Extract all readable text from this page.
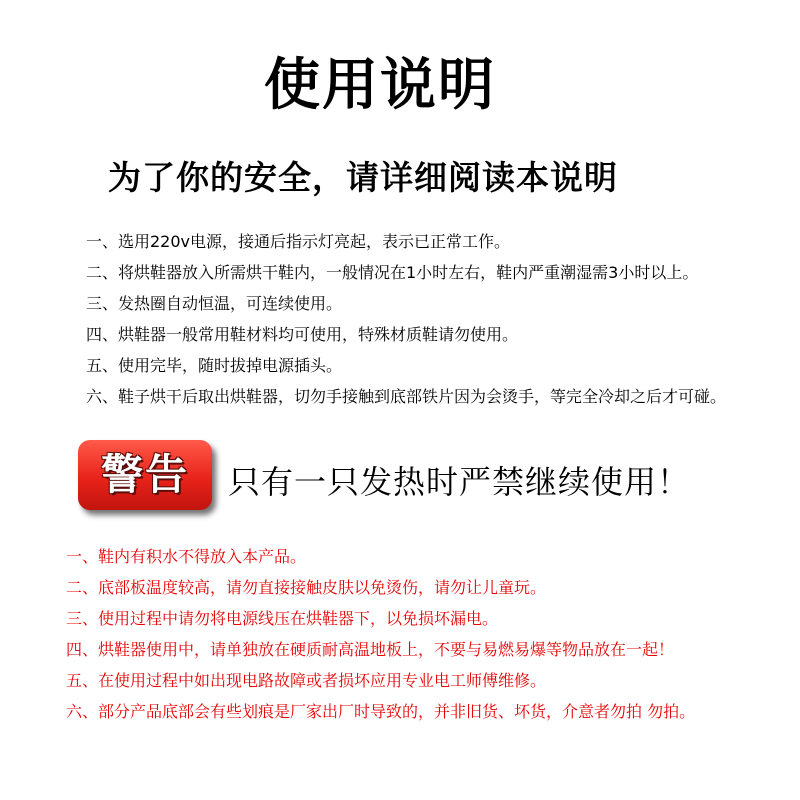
使用说明
为了你的安全，请详细阅读本说明
一、选用220v电源，接通后指示灯亮起，表示已正常工作。
二、将烘鞋器放入所需烘干鞋内，一般情况在1小时左右，鞋内严重潮湿需3小时以上。
三、发热圈自动恒温，可连续使用。
四、烘鞋器一般常用鞋材料均可使用，特殊材质鞋请勿使用。
五、使用完毕，随时拔掉电源插头。
六、鞋子烘干后取出烘鞋器，切勿手接触到底部铁片因为会烫手，等完全冷却之后才可碰。
警告	只有一只发热时严禁继续使用！
一、鞋内有积水不得放入本产品。
二、底部板温度较高，请勿直接接触皮肤以免烫伤，请勿让儿童玩。
三、使用过程中请勿将电源线压在烘鞋器下，以免损坏漏电。
四、烘鞋器使用中，请单独放在硬质耐高温地板上，不要与易燃易爆等物品放在一起！
五、在使用过程中如出现电路故障或者损坏应用专业电工师傅维修。
六、部分产品底部会有些划痕是厂家出厂时导致的，并非旧货、坏货，介意者勿拍 勿拍。
